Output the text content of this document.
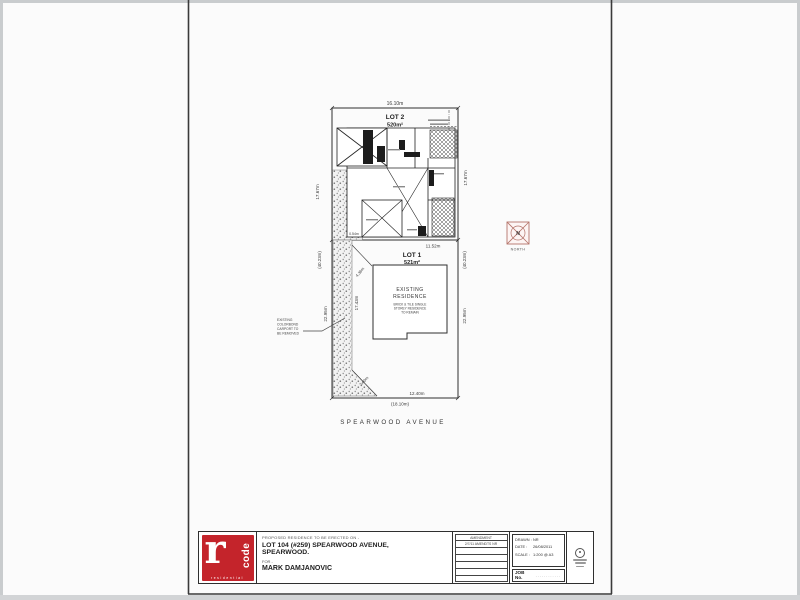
16.10m
LOT 2
520m²
17.67m
17.67m
11.52m
0.54m
4.36m
(40.23m)	(40.23m)
LOT 1
521m²
EXISTING
RESIDENCE
BRICK & TILE SINGLE
STOREY RESIDENCE
TO REMAIN
22.95m	22.95m
17.43m
3.00m
12.40m
(18.10m)
SPEARWOOD AVENUE
EXISTING
COLORBOND
CARPORT TO
BE REMOVED
N
NORTH
r code
residential
PROPOSED RESIDENCE TO BE ERECTED ON -
LOT 104 (#259) SPEARWOOD AVENUE,
SPEARWOOD.
FOR -
MARK DAMJANOVIC
AMENDMENT
2/7/11 AMENDTS NR
DRAWN : NR
DATE :	26/08/2011
SCALE : 1:200 @ A3
JOB No.	............
